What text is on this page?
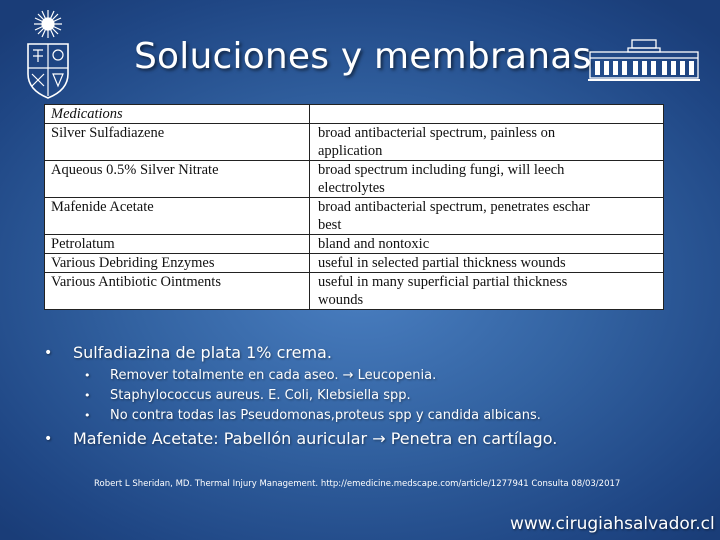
Soluciones y membranas
Medications	
Silver Sulfadiazene	broad antibacterial spectrum, painless on
application

Aqueous 0.5% Silver Nitrate	broad spectrum including fungi, will leech
electrolytes

Mafenide Acetate	broad antibacterial spectrum, penetrates eschar
best

Petrolatum	bland and nontoxic
Various Debriding Enzymes	useful in selected partial thickness wounds
Various Antibiotic Ointments	useful in many superficial partial thickness
wounds
• Sulfadiazina de plata 1% crema.
• Remover totalmente en cada aseo. → Leucopenia.
• Staphylococcus aureus. E. Coli, Klebsiella spp.
• No contra todas las Pseudomonas,proteus spp y candida albicans.
• Mafenide Acetate: Pabellón auricular → Penetra en cartílago.
Robert L Sheridan, MD. Thermal Injury Management. http://emedicine.medscape.com/article/1277941 Consulta 08/03/2017
www.cirugiahsalvador.cl
